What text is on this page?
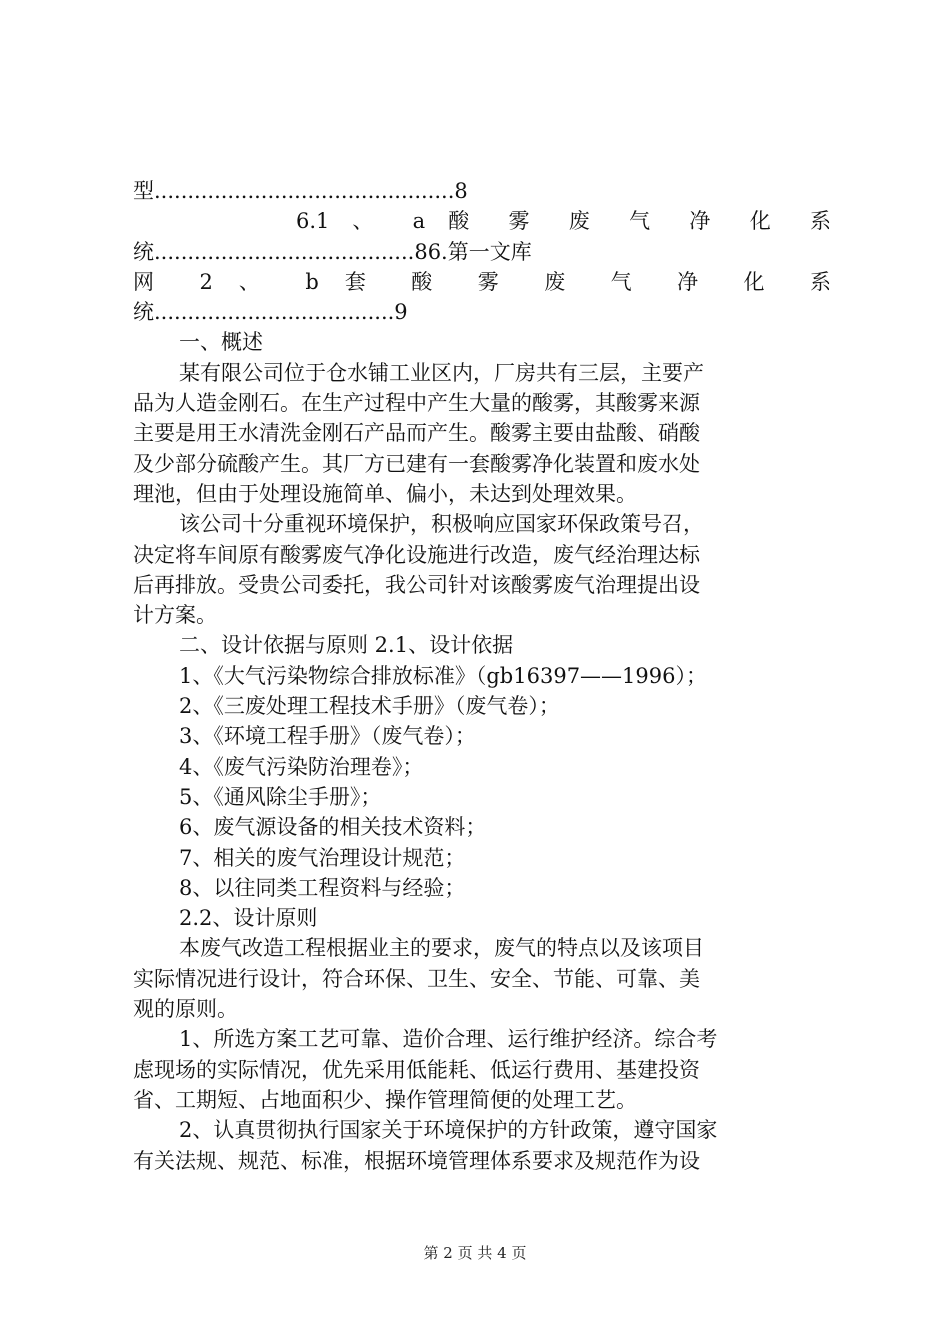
型.............................................8
6.1 、 a 酸 雾 废 气 净 化 系
统.......................................86.第一文库
网 2 、 b 套 酸 雾 废 气 净 化 系
统....................................9
一、概述
某有限公司位于仓水铺工业区内，厂房共有三层，主要产
品为人造金刚石。在生产过程中产生大量的酸雾，其酸雾来源
主要是用王水清洗金刚石产品而产生。酸雾主要由盐酸、硝酸
及少部分硫酸产生。其厂方已建有一套酸雾净化装置和废水处
理池，但由于处理设施简单、偏小，未达到处理效果。
该公司十分重视环境保护，积极响应国家环保政策号召，
决定将车间原有酸雾废气净化设施进行改造，废气经治理达标
后再排放。受贵公司委托，我公司针对该酸雾废气治理提出设
计方案。
二、设计依据与原则 2.1、设计依据
1、《大气污染物综合排放标准》（gb16397——1996）；
2、《三废处理工程技术手册》（废气卷）；
3、《环境工程手册》（废气卷）；
4、《废气污染防治理卷》；
5、《通风除尘手册》；
6、废气源设备的相关技术资料；
7、相关的废气治理设计规范；
8、以往同类工程资料与经验；
2.2、设计原则
本废气改造工程根据业主的要求，废气的特点以及该项目
实际情况进行设计，符合环保、卫生、安全、节能、可靠、美
观的原则。
1、所选方案工艺可靠、造价合理、运行维护经济。综合考
虑现场的实际情况，优先采用低能耗、低运行费用、基建投资
省、工期短、占地面积少、操作管理简便的处理工艺。
2、认真贯彻执行国家关于环境保护的方针政策，遵守国家
有关法规、规范、标准，根据环境管理体系要求及规范作为设
第 2 页 共 4 页
